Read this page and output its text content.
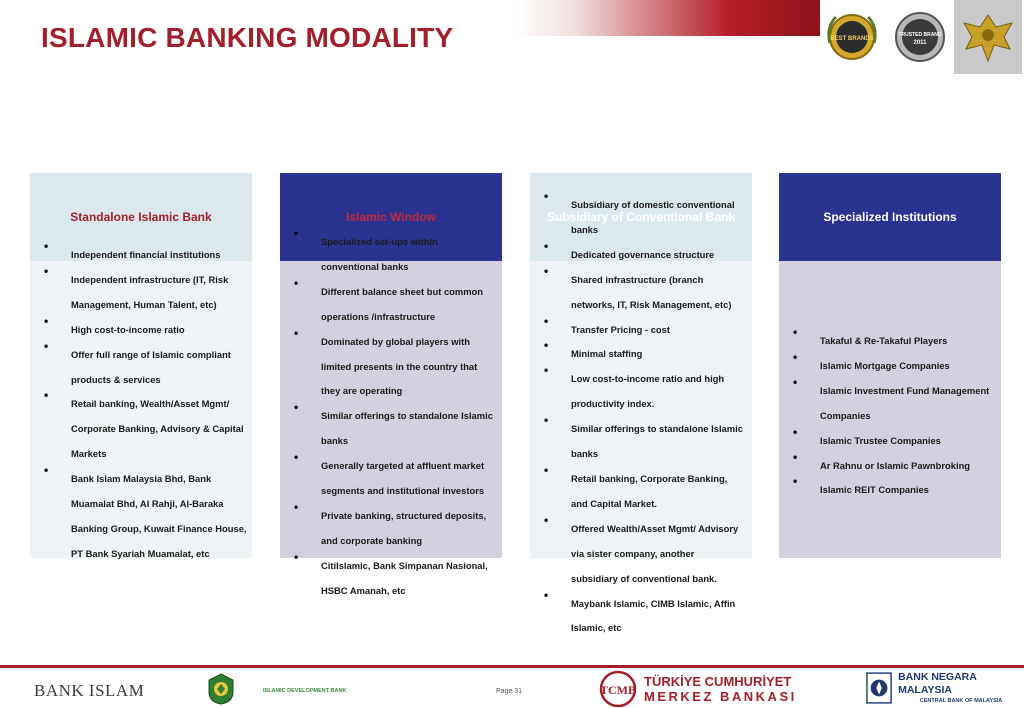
ISLAMIC BANKING MODALITY	BEST BRANDS
TRUSTED BRAND
2011
Standalone Islamic Bank
• Independent financial institutions
• Independent infrastructure (IT, Risk Management, Human Talent, etc)
• High cost-to-income ratio
• Offer full range of Islamic compliant products & services
• Retail banking, Wealth/Asset Mgmt/ Corporate Banking, Advisory & Capital Markets
• Bank Islam Malaysia Bhd, Bank Muamalat Bhd, Al Rahji, Al-Baraka Banking Group, Kuwait Finance House, PT Bank Syariah Muamalat, etc
Islamic Window
• Specialized set-ups within conventional banks
• Different balance sheet but common operations /infrastructure
• Dominated by global players with limited presents in the country that they are operating
• Similar offerings to standalone Islamic banks
• Generally targeted at affluent market segments and institutional investors
• Private banking, structured deposits, and corporate banking
• CitiIslamic, Bank Simpanan Nasional, HSBC Amanah, etc
Subsidiary of Conventional Bank
• Subsidiary of domestic conventional banks
• Dedicated governance structure
• Shared infrastructure (branch networks, IT, Risk Management, etc)
• Transfer Pricing - cost
• Minimal staffing
• Low cost-to-income ratio and high productivity index.
• Similar offerings to standalone Islamic banks
• Retail banking, Corporate Banking, and Capital Market.
• Offered Wealth/Asset Mgmt/ Advisory via sister company, another subsidiary of conventional bank.
• Maybank Islamic, CIMB Islamic, Affin Islamic, etc
Specialized Institutions
• Takaful & Re-Takaful Players
• Islamic Mortgage Companies
• Islamic Investment Fund Management Companies
• Islamic Trustee Companies
• Ar Rahnu or Islamic Pawnbroking
• Islamic REIT Companies
BANK ISLAM	ISLAMIC DEVELOPMENT BANK	Page 31	TCMB
TÜRKİYE CUMHURİYET
MERKEZ BANKASI
BANK NEGARA MALAYSIA
CENTRAL BANK OF MALAYSIA
